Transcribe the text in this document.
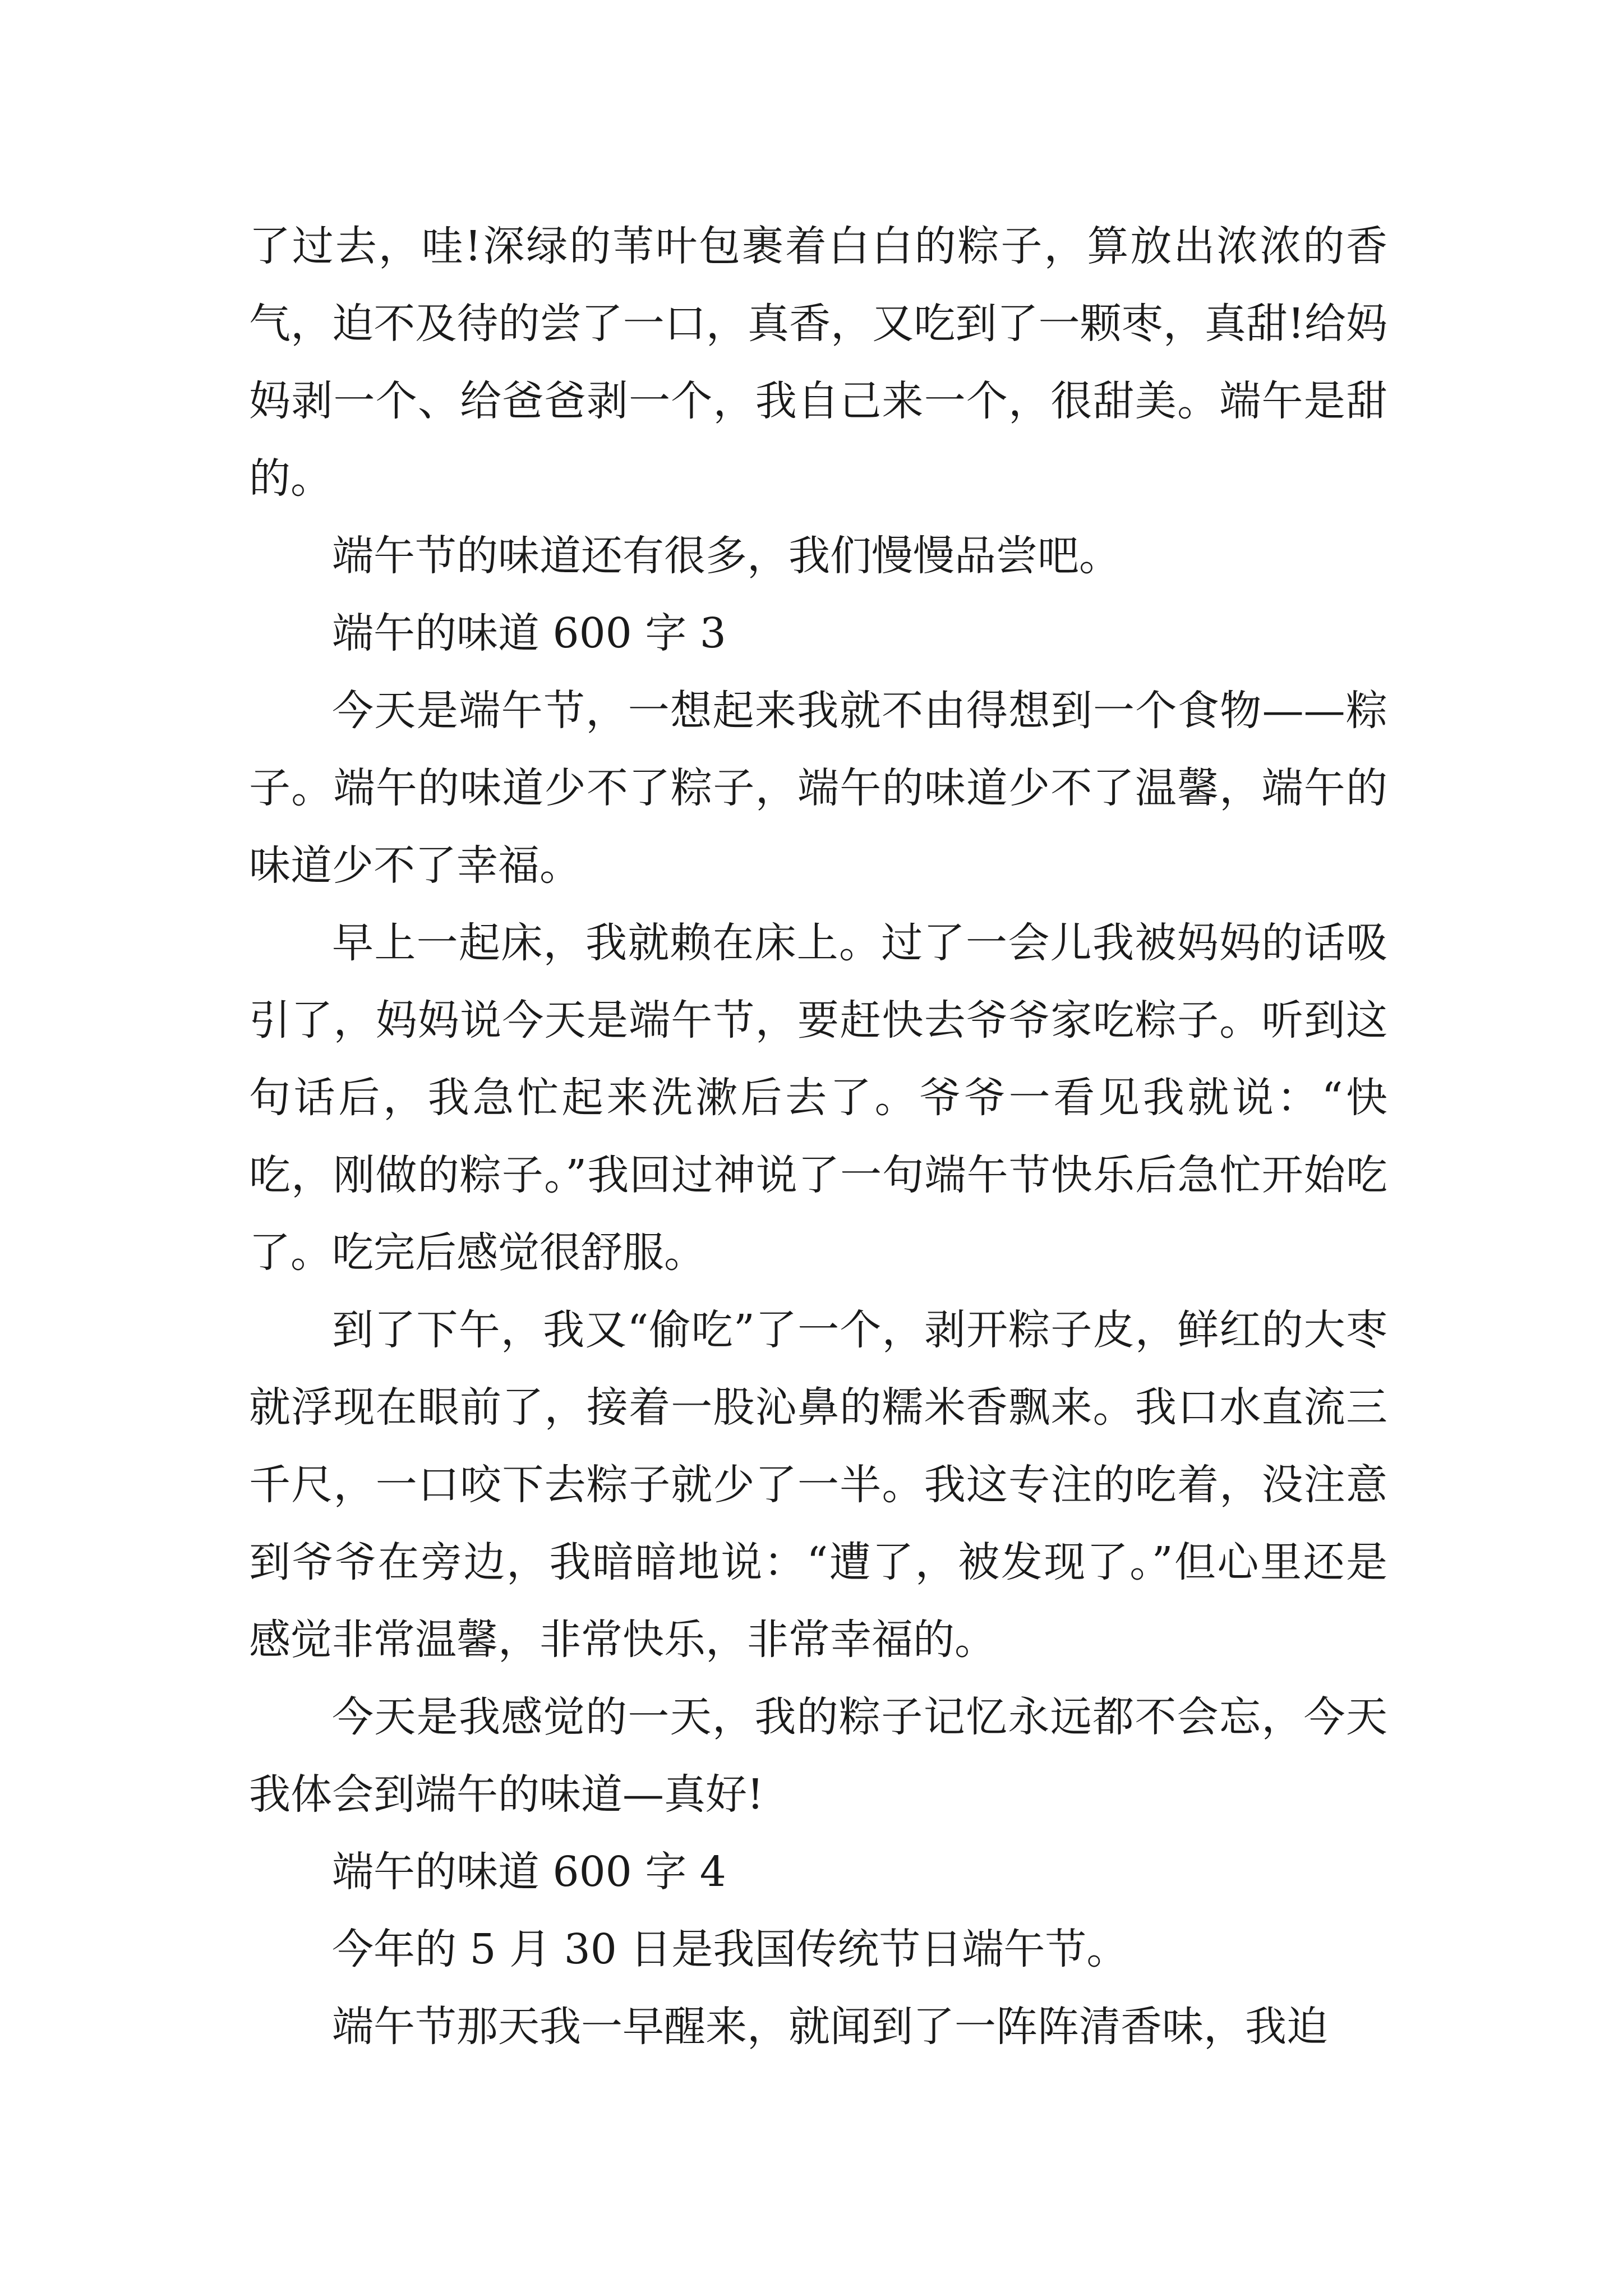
了过去，哇!深绿的苇叶包裹着白白的粽子，算放出浓浓的香气，迫不及待的尝了一口，真香，又吃到了一颗枣，真甜!给妈妈剥一个、给爸爸剥一个，我自己来一个，很甜美。端午是甜的。

端午节的味道还有很多，我们慢慢品尝吧。

端午的味道 600 字 3

今天是端午节，一想起来我就不由得想到一个食物——粽子。端午的味道少不了粽子，端午的味道少不了温馨，端午的味道少不了幸福。

早上一起床，我就赖在床上。过了一会儿我被妈妈的话吸引了，妈妈说今天是端午节，要赶快去爷爷家吃粽子。听到这句话后，我急忙起来洗漱后去了。爷爷一看见我就说：“快吃，刚做的粽子。”我回过神说了一句端午节快乐后急忙开始吃了。吃完后感觉很舒服。

到了下午，我又“偷吃”了一个，剥开粽子皮，鲜红的大枣就浮现在眼前了，接着一股沁鼻的糯米香飘来。我口水直流三千尺，一口咬下去粽子就少了一半。我这专注的吃着，没注意到爷爷在旁边，我暗暗地说：“遭了，被发现了。”但心里还是感觉非常温馨，非常快乐，非常幸福的。

今天是我感觉的一天，我的粽子记忆永远都不会忘，今天我体会到端午的味道—真好!

端午的味道 600 字 4

今年的 5 月 30 日是我国传统节日端午节。

端午节那天我一早醒来，就闻到了一阵阵清香味，我迫
